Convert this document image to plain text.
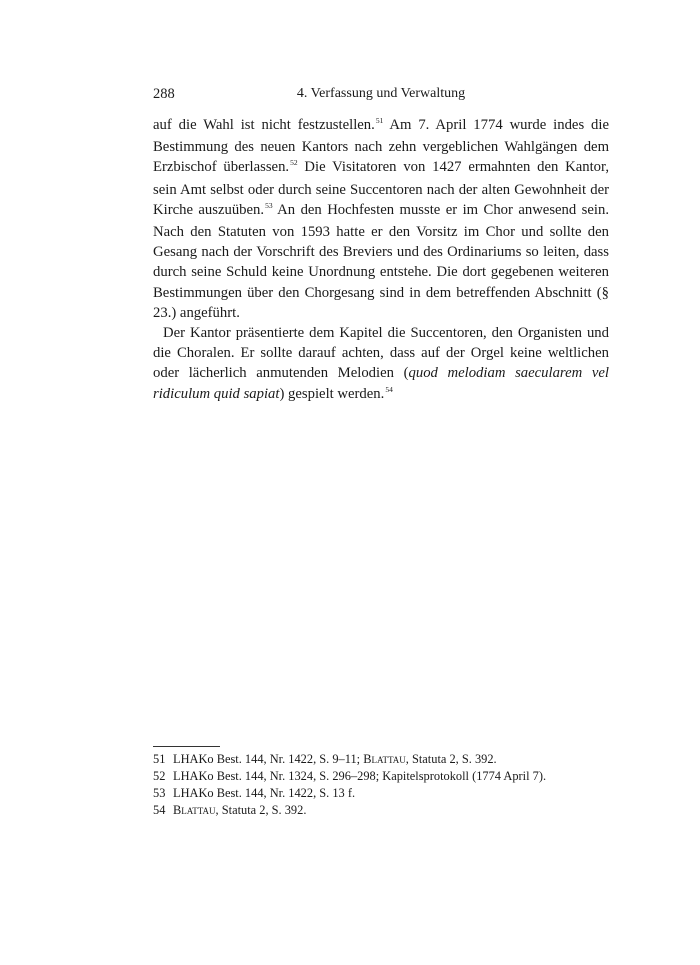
288	4. Verfassung und Verwaltung

auf die Wahl ist nicht festzustellen.$^{51}$ Am 7. April 1774 wurde indes die Bestimmung des neuen Kantors nach zehn vergeblichen Wahlgängen dem Erzbischof überlassen.$^{52}$ Die Visitatoren von 1427 ermahnten den Kantor, sein Amt selbst oder durch seine Succentoren nach der alten Gewohnheit der Kirche auszuüben.$^{53}$ An den Hochfesten musste er im Chor anwesend sein. Nach den Statuten von 1593 hatte er den Vorsitz im Chor und sollte den Gesang nach der Vorschrift des Breviers und des Ordinariums so leiten, dass durch seine Schuld keine Unordnung entstehe. Die dort gegebenen weiteren Bestimmungen über den Chorgesang sind in dem betreffenden Abschnitt (§ 23.) angeführt.

Der Kantor präsentierte dem Kapitel die Succentoren, den Organisten und die Choralen. Er sollte darauf achten, dass auf der Orgel keine weltlichen oder lächerlich anmutenden Melodien (quod melodiam saecularem vel ridiculum quid sapiat) gespielt werden.$^{54}$

51 LHAKo Best. 144, Nr. 1422, S. 9–11; Blattau, Statuta 2, S. 392.
52 LHAKo Best. 144, Nr. 1324, S. 296–298; Kapitelsprotokoll (1774 April 7).
53 LHAKo Best. 144, Nr. 1422, S. 13 f.
54 Blattau, Statuta 2, S. 392.
